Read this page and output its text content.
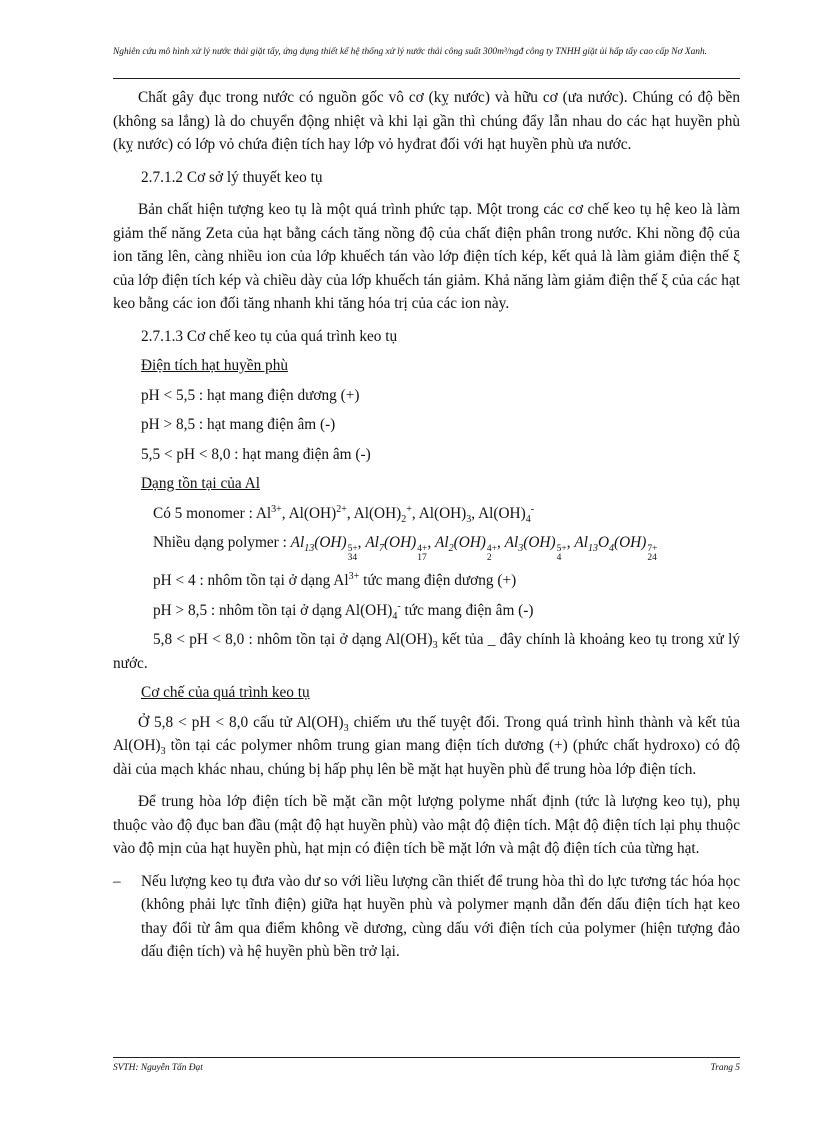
Nghiên cứu mô hình xử lý nước thải giặt tẩy, ứng dụng thiết kế hệ thống xử lý nước thải công suất 300m³/ngđ công ty TNHH giặt ủi hấp tẩy cao cấp Nơ Xanh.

Chất gây đục trong nước có nguồn gốc vô cơ (kỵ nước) và hữu cơ (ưa nước). Chúng có độ bền (không sa lắng) là do chuyển động nhiệt và khi lại gần thì chúng đẩy lẫn nhau do các hạt huyền phù (kỵ nước) có lớp vỏ chứa điện tích hay lớp vỏ hyđrat đối với hạt huyền phù ưa nước.

2.7.1.2 Cơ sở lý thuyết keo tụ

Bản chất hiện tượng keo tụ là một quá trình phức tạp. Một trong các cơ chế keo tụ hệ keo là làm giảm thế năng Zeta của hạt bằng cách tăng nồng độ của chất điện phân trong nước. Khi nồng độ của ion tăng lên, càng nhiều ion của lớp khuếch tán vào lớp điện tích kép, kết quả là làm giảm điện thế ξ của lớp điện tích kép và chiều dày của lớp khuếch tán giảm. Khả năng làm giảm điện thế ξ của các hạt keo bằng các ion đối tăng nhanh khi tăng hóa trị của các ion này.

2.7.1.3 Cơ chế keo tụ của quá trình keo tụ

Điện tích hạt huyền phù

pH < 5,5 : hạt mang điện dương (+)

pH > 8,5 : hạt mang điện âm (-)

5,5 < pH < 8,0 : hạt mang điện âm (-)

Dạng tồn tại của Al

Có 5 monomer : $Al^{3+}$, Al(OH)$^{2+}$, $Al(OH)_2^+$, $Al(OH)_3$, $Al(OH)_4^-$

Nhiều dạng polymer : $Al_{13}(OH)$ 5+
34
, $Al_7(OH)$ 4+
17
, $Al_2(OH)$ 4+
2
, $Al_3(OH)$ 5+
4
, $Al_{13}O_4(OH)$ 7+
24

pH < 4 : nhôm tồn tại ở dạng $Al^{3+}$ tức mang điện dương (+)

pH > 8,5 : nhôm tồn tại ở dạng $Al(OH)_4^-$ tức mang điện âm (-)

5,8 < pH < 8,0 : nhôm tồn tại ở dạng $Al(OH)_3$ kết tủa _ đây chính là khoảng keo tụ trong xử lý nước.

Cơ chế của quá trình keo tụ

Ở 5,8 < pH < 8,0 cấu tử $Al(OH)_3$ chiếm ưu thế tuyệt đối. Trong quá trình hình thành và kết tủa $Al(OH)_3$ tồn tại các polymer nhôm trung gian mang điện tích dương (+) (phức chất hydroxo) có độ dài của mạch khác nhau, chúng bị hấp phụ lên bề mặt hạt huyền phù để trung hòa lớp điện tích.

Để trung hòa lớp điện tích bề mặt cần một lượng polyme nhất định (tức là lượng keo tụ), phụ thuộc vào độ đục ban đầu (mật độ hạt huyền phù) vào mật độ điện tích. Mật độ điện tích lại phụ thuộc vào độ mịn của hạt huyền phù, hạt mịn có điện tích bề mặt lớn và mật độ điện tích của từng hạt.

–	Nếu lượng keo tụ đưa vào dư so với liều lượng cần thiết để trung hòa thì do lực tương tác hóa học (không phải lực tĩnh điện) giữa hạt huyền phù và polymer mạnh dẫn đến dấu điện tích hạt keo thay đổi từ âm qua điểm không về dương, cùng dấu với điện tích của polymer (hiện tượng đảo dấu điện tích) và hệ huyền phù bền trở lại.

SVTH: Nguyễn Tấn Đạt	Trang 5
